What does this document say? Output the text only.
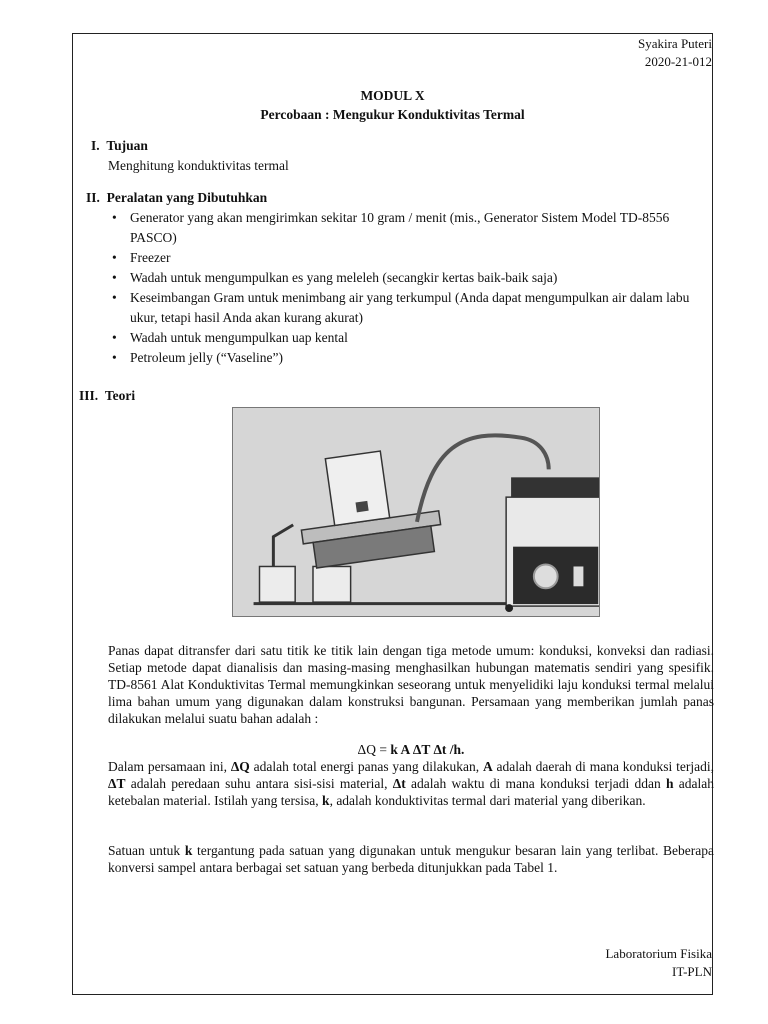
Syakira Puteri
2020-21-012
MODUL X
Percobaan : Mengukur Konduktivitas Termal
I. Tujuan
Menghitung konduktivitas termal
II. Peralatan yang Dibutuhkan
• Generator yang akan mengirimkan sekitar 10 gram / menit (mis., Generator Sistem Model TD-8556 PASCO)
• Freezer
• Wadah untuk mengumpulkan es yang meleleh (secangkir kertas baik-baik saja)
• Keseimbangan Gram untuk menimbang air yang terkumpul (Anda dapat mengumpulkan air dalam labu ukur, tetapi hasil Anda akan kurang akurat)
• Wadah untuk mengumpulkan uap kental
• Petroleum jelly (“Vaseline”)
III. Teori
Panas dapat ditransfer dari satu titik ke titik lain dengan tiga metode umum: konduksi, konveksi dan radiasi. Setiap metode dapat dianalisis dan masing-masing menghasilkan hubungan matematis sendiri yang spesifik. TD-8561 Alat Konduktivitas Termal memungkinkan seseorang untuk menyelidiki laju konduksi termal melalui lima bahan umum yang digunakan dalam konstruksi bangunan. Persamaan yang memberikan jumlah panas dilakukan melalui suatu bahan adalah :
ΔQ = k A ΔT Δt /h.
Dalam persamaan ini, ΔQ adalah total energi panas yang dilakukan, A adalah daerah di mana konduksi terjadi, ΔT adalah peredaan suhu antara sisi-sisi material, Δt adalah waktu di mana konduksi terjadi ddan h adalah ketebalan material. Istilah yang tersisa, k, adalah konduktivitas termal dari material yang diberikan.
Satuan untuk k tergantung pada satuan yang digunakan untuk mengukur besaran lain yang terlibat. Beberapa konversi sampel antara berbagai set satuan yang berbeda ditunjukkan pada Tabel 1.
Laboratorium Fisika
IT-PLN
